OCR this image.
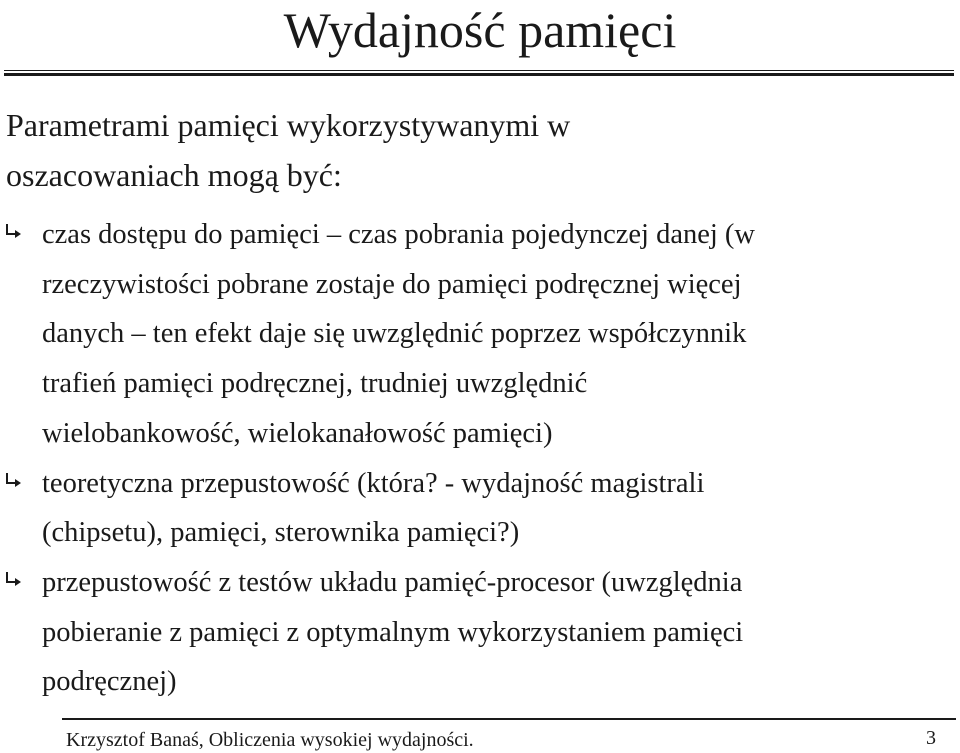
Wydajność pamięci
Parametrami pamięci wykorzystywanymi w
oszacowaniach mogą być:
czas dostępu do pamięci – czas pobrania pojedynczej danej (w
rzeczywistości pobrane zostaje do pamięci podręcznej więcej
danych – ten efekt daje się uwzględnić poprzez współczynnik
trafień pamięci podręcznej, trudniej uwzględnić
wielobankowość, wielokanałowość pamięci)
teoretyczna przepustowość (która? - wydajność magistrali
(chipsetu), pamięci, sterownika pamięci?)
przepustowość z testów układu pamięć-procesor (uwzględnia
pobieranie z pamięci z optymalnym wykorzystaniem pamięci
podręcznej)
Krzysztof Banaś, Obliczenia wysokiej wydajności.	3
